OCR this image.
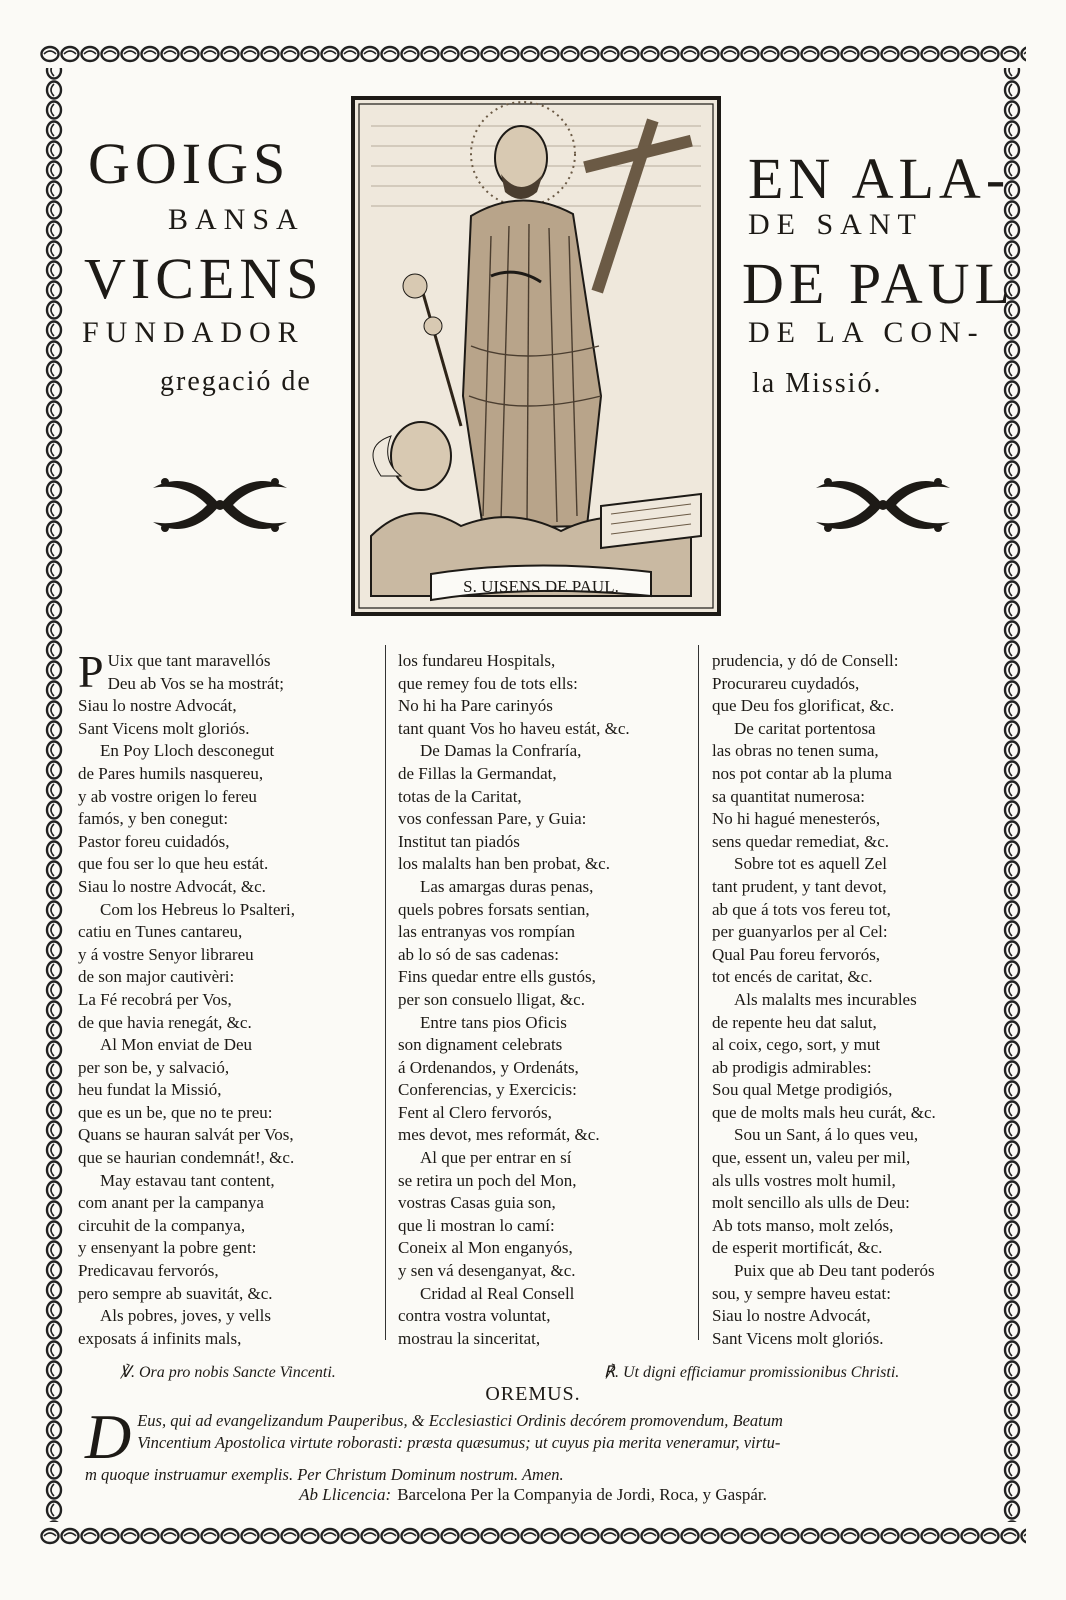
GOIGS
BANSA
VICENS
FUNDADOR
gregació de
EN ALA-
DE SANT
DE PAUL
DE LA CON-
la Missió.
S. UISENS DE PAUL.
P Uix que tant maravellós
Deu ab Vos se ha mostrát;
Siau lo nostre Advocát,
Sant Vicens molt gloriós.
En Poy Lloch desconegut
de Pares humils nasquereu,
y ab vostre origen lo fereu
famós, y ben conegut:
Pastor foreu cuidadós,
que fou ser lo que heu estát.
Siau lo nostre Advocát, &c.
Com los Hebreus lo Psalteri,
catiu en Tunes cantareu,
y á vostre Senyor librareu
de son major cautivèri:
La Fé recobrá per Vos,
de que havia renegát, &c.
Al Mon enviat de Deu
per son be, y salvació,
heu fundat la Missió,
que es un be, que no te preu:
Quans se hauran salvát per Vos,
que se haurian condemnát!, &c.
May estavau tant content,
com anant per la campanya
circuhit de la companya,
y ensenyant la pobre gent:
Predicavau fervorós,
pero sempre ab suavitát, &c.
Als pobres, joves, y vells
exposats á infinits mals,
los fundareu Hospitals,
que remey fou de tots ells:
No hi ha Pare carinyós
tant quant Vos ho haveu estát, &c.
De Damas la Confraría,
de Fillas la Germandat,
totas de la Caritat,
vos confessan Pare, y Guia:
Institut tan piadós
los malalts han ben probat, &c.
Las amargas duras penas,
quels pobres forsats sentian,
las entranyas vos rompían
ab lo só de sas cadenas:
Fins quedar entre ells gustós,
per son consuelo lligat, &c.
Entre tans pios Oficis
son dignament celebrats
á Ordenandos, y Ordenáts,
Conferencias, y Exercicis:
Fent al Clero fervorós,
mes devot, mes reformát, &c.
Al que per entrar en sí
se retira un poch del Mon,
vostras Casas guia son,
que li mostran lo camí:
Coneix al Mon enganyós,
y sen vá desenganyat, &c.
Cridad al Real Consell
contra vostra voluntat,
mostrau la sinceritat,
prudencia, y dó de Consell:
Procurareu cuydadós,
que Deu fos glorificat, &c.
De caritat portentosa
las obras no tenen suma,
nos pot contar ab la pluma
sa quantitat numerosa:
No hi hagué menesterós,
sens quedar remediat, &c.
Sobre tot es aquell Zel
tant prudent, y tant devot,
ab que á tots vos fereu tot,
per guanyarlos per al Cel:
Qual Pau foreu fervorós,
tot encés de caritat, &c.
Als malalts mes incurables
de repente heu dat salut,
al coix, cego, sort, y mut
ab prodigis admirables:
Sou qual Metge prodigiós,
que de molts mals heu curát, &c.
Sou un Sant, á lo ques veu,
que, essent un, valeu per mil,
als ulls vostres molt humil,
molt sencillo als ulls de Deu:
Ab tots manso, molt zelós,
de esperit mortificát, &c.
Puix que ab Deu tant poderós
sou, y sempre haveu estat:
Siau lo nostre Advocát,
Sant Vicens molt gloriós.
℣. Ora pro nobis Sancte Vincenti.	℟. Ut digni efficiamur promissionibus Christi.
OREMUS.
D Eus, qui ad evangelizandum Pauperibus, & Ecclesiastici Ordinis decórem promovendum, Beatum
Vincentium Apostolica virtute roborasti: præsta quæsumus; ut cuyus pia merita veneramur, virtu-
m quoque instruamur exemplis. Per Christum Dominum nostrum. Amen.
Ab Llicencia: Barcelona Per la Companyia de Jordi, Roca, y Gaspár.
